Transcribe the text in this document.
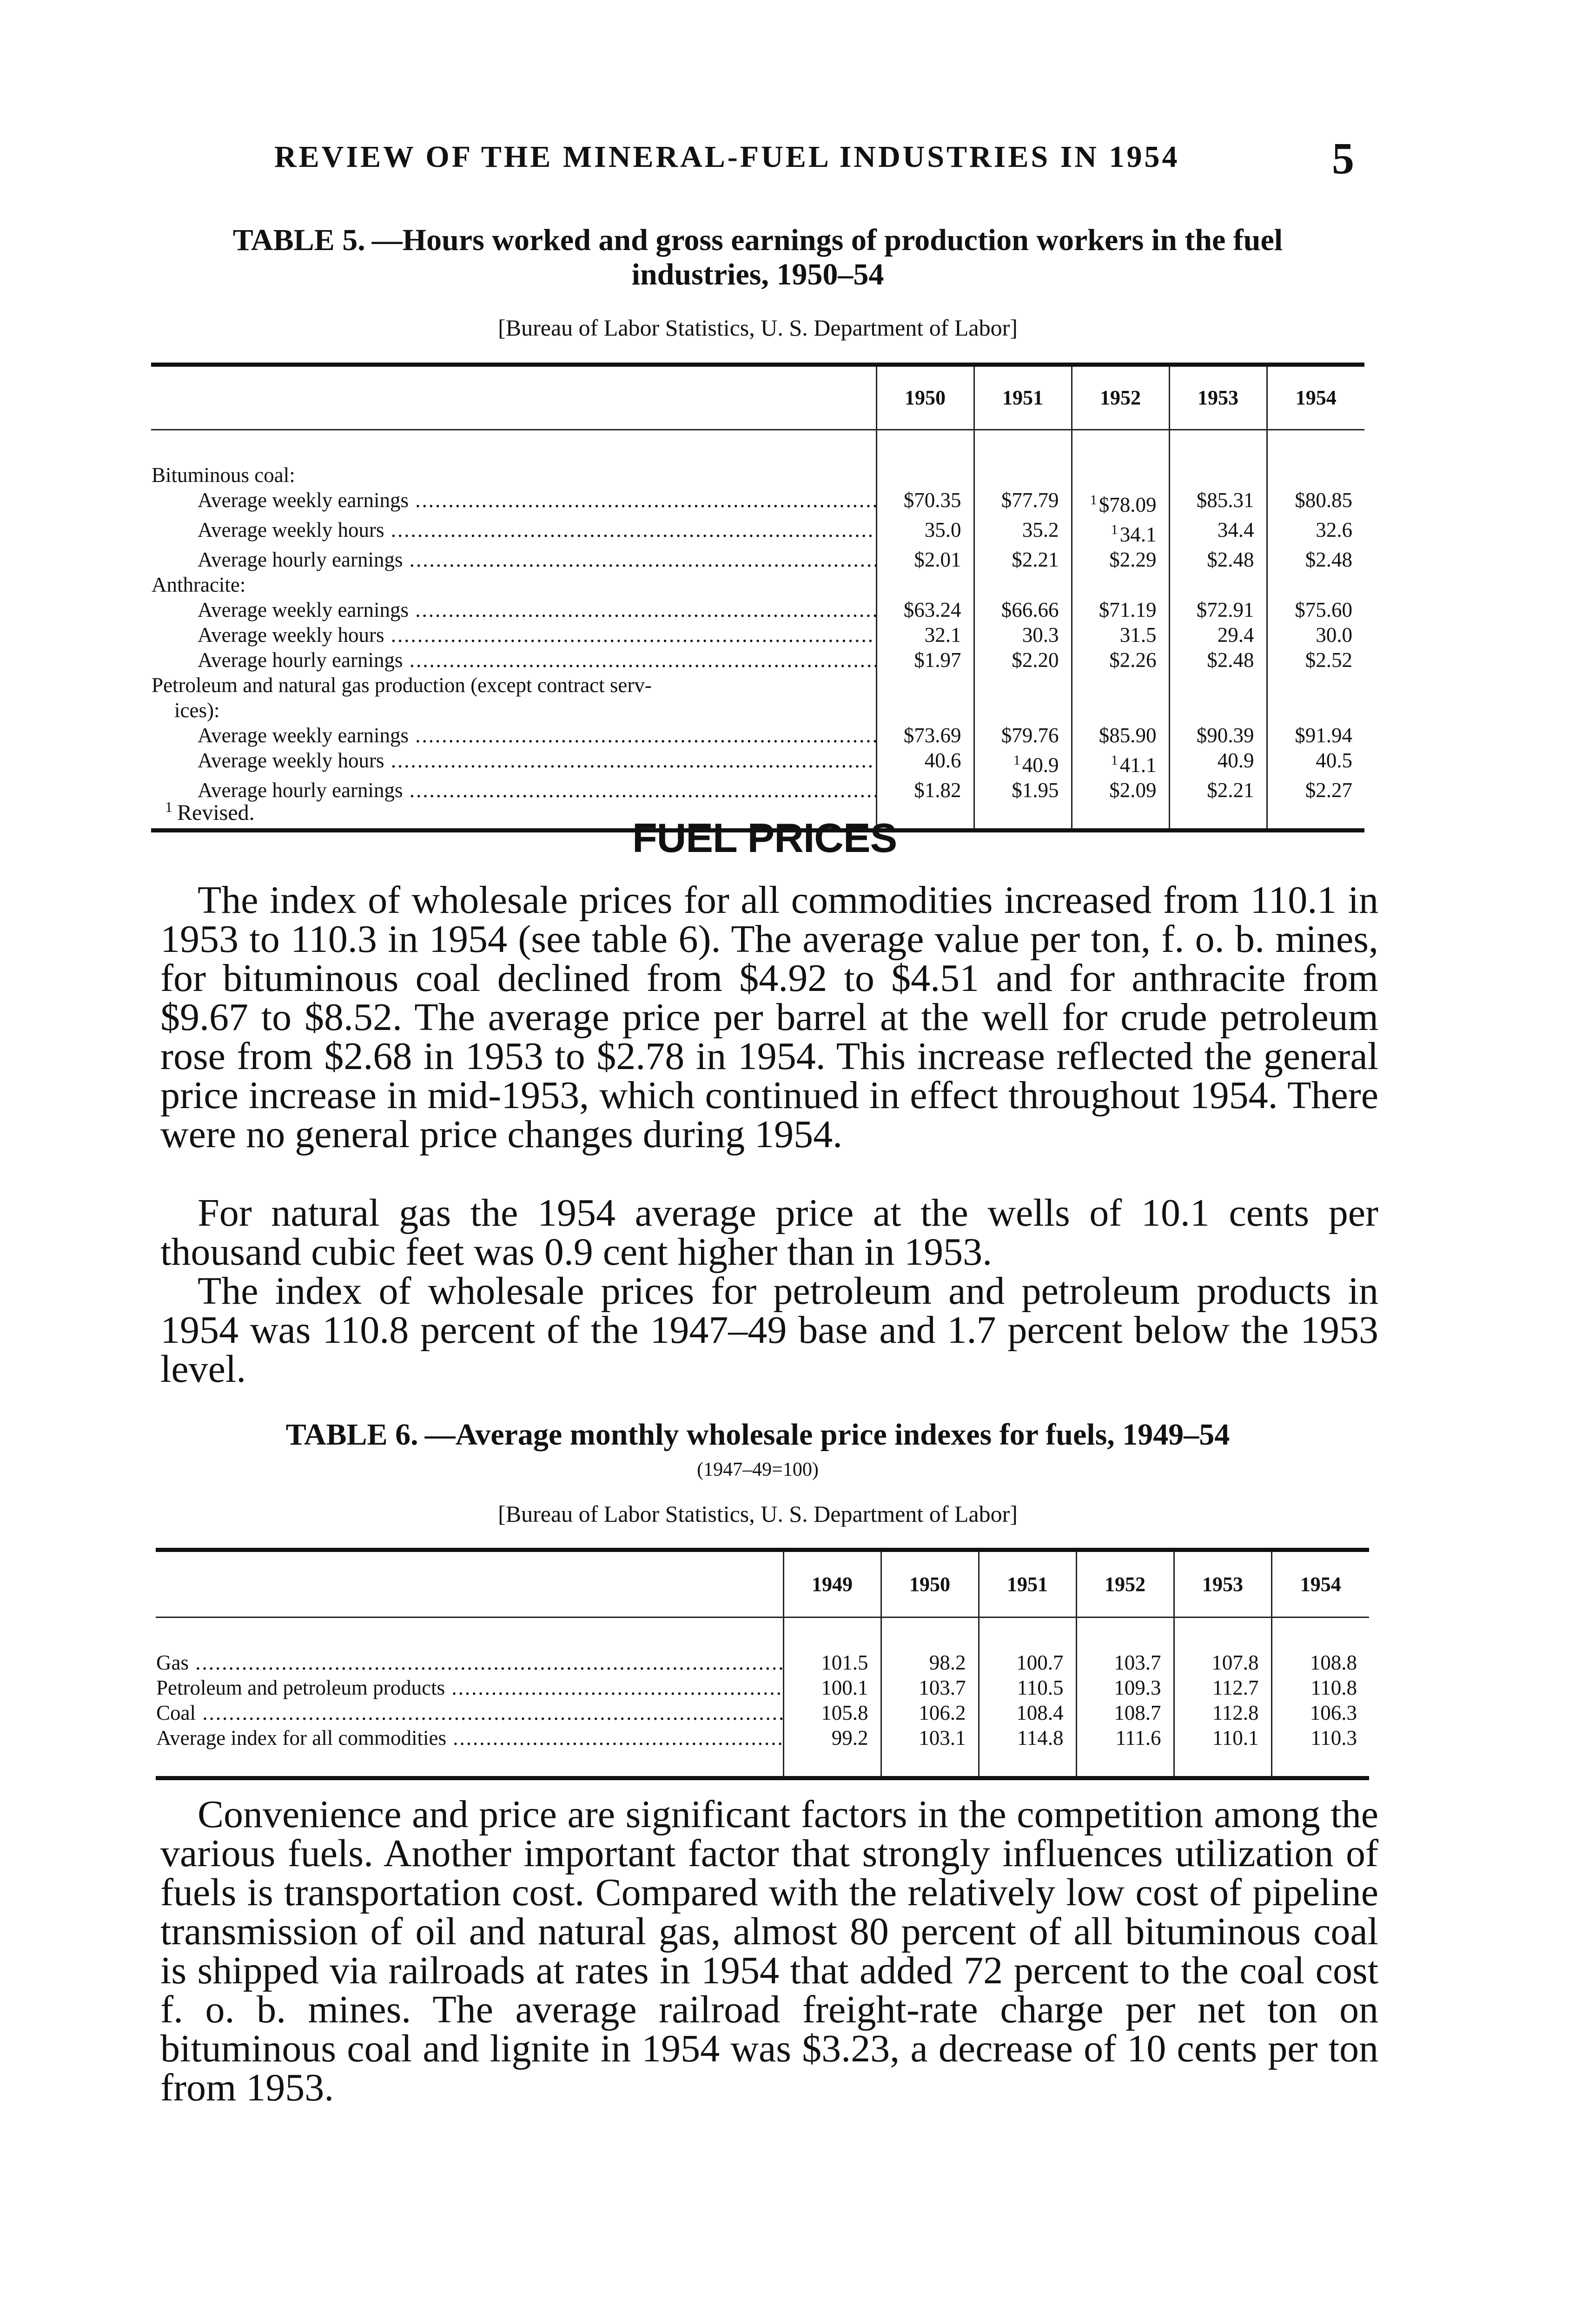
REVIEW OF THE MINERAL-FUEL INDUSTRIES IN 1954	5
TABLE 5. —Hours worked and gross earnings of production workers in the fuel
industries, 1950–54
[Bureau of Labor Statistics, U. S. Department of Labor]
	1950	1951	1952	1953	1954

Bituminous coal:					
Average weekly earnings .....	$70.35	$77.79	$^1$\$78.09	$85.31	$80.85
Average weekly hours .....	35.0	35.2	$^1$34.1	34.4	32.6
Average hourly earnings .....	$2.01	$2.21	$2.29	$2.48	$2.48
Anthracite:					
Average weekly earnings .....	$63.24	$66.66	$71.19	$72.91	$75.60
Average weekly hours .....	32.1	30.3	31.5	29.4	30.0
Average hourly earnings .....	$1.97	$2.20	$2.26	$2.48	$2.52
Petroleum and natural gas production (except contract serv-					
ices):					
Average weekly earnings .....	$73.69	$79.76	$85.90	$90.39	$91.94
Average weekly hours .....	40.6	$^1$40.9	$^1$41.1	40.9	40.5
Average hourly earnings .....	$1.82	$1.95	$2.09	$2.21	$2.27

$^1$ Revised.
FUEL PRICES

The index of wholesale prices for all commodities increased from 110.1 in 1953 to 110.3 in 1954 (see table 6). The average value per ton, f. o. b. mines, for bituminous coal declined from $4.92 to $4.51 and for anthracite from $9.67 to $8.52. The average price per barrel at the well for crude petroleum rose from $2.68 in 1953 to $2.78 in 1954. This increase reflected the general price increase in mid-1953, which continued in effect throughout 1954. There were no general price changes during 1954.

For natural gas the 1954 average price at the wells of 10.1 cents per thousand cubic feet was 0.9 cent higher than in 1953.

The index of wholesale prices for petroleum and petroleum products in 1954 was 110.8 percent of the 1947–49 base and 1.7 percent below the 1953 level.

TABLE 6. —Average monthly wholesale price indexes for fuels, 1949–54
(1947–49=100)
[Bureau of Labor Statistics, U. S. Department of Labor]
	1949	1950	1951	1952	1953	1954

Gas .....	101.5	98.2	100.7	103.7	107.8	108.8
Petroleum and petroleum products .....	100.1	103.7	110.5	109.3	112.7	110.8
Coal .....	105.8	106.2	108.4	108.7	112.8	106.3
Average index for all commodities .....	99.2	103.1	114.8	111.6	110.1	110.3

Convenience and price are significant factors in the competition among the various fuels. Another important factor that strongly influences utilization of fuels is transportation cost. Compared with the relatively low cost of pipeline transmission of oil and natural gas, almost 80 percent of all bituminous coal is shipped via railroads at rates in 1954 that added 72 percent to the coal cost f. o. b. mines. The average railroad freight-rate charge per net ton on bituminous coal and lignite in 1954 was $3.23, a decrease of 10 cents per ton from 1953.
